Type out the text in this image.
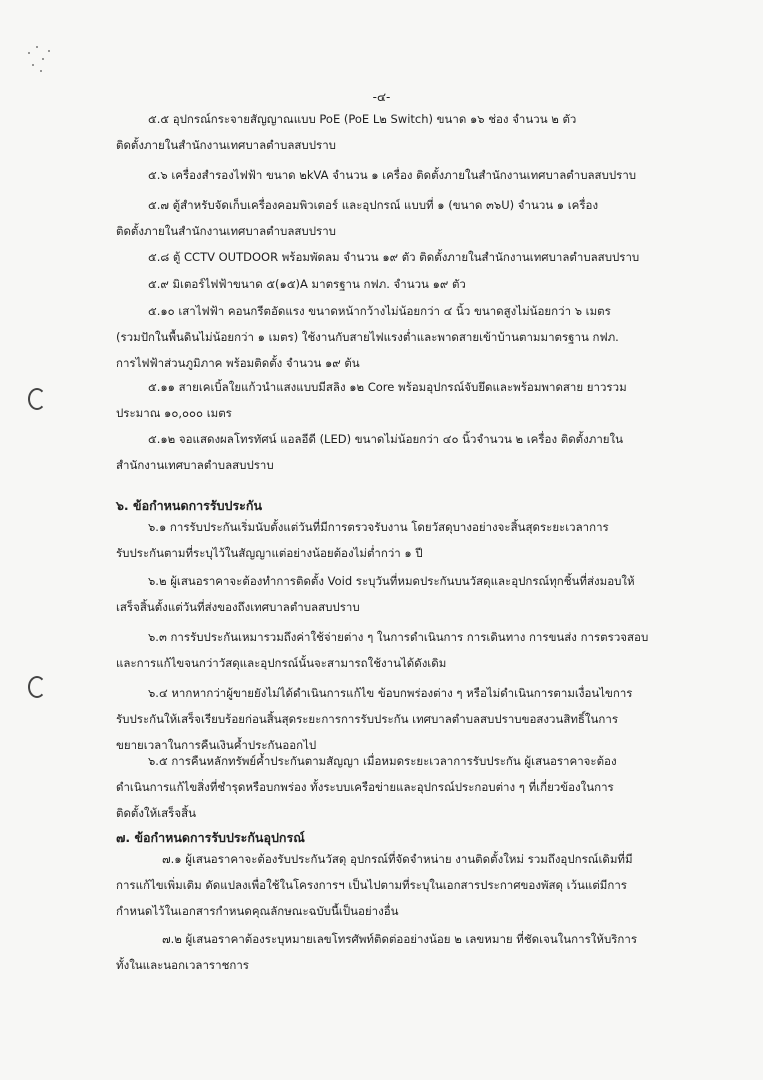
-๔-

๕.๕ อุปกรณ์กระจายสัญญาณแบบ PoE (PoE L๒ Switch) ขนาด ๑๖ ช่อง จำนวน ๒ ตัว
ติดตั้งภายในสำนักงานเทศบาลตำบลสบปราบ

๕.๖ เครื่องสำรองไฟฟ้า ขนาด ๒kVA จำนวน ๑ เครื่อง ติดตั้งภายในสำนักงานเทศบาลตำบลสบปราบ

๕.๗ ตู้สำหรับจัดเก็บเครื่องคอมพิวเตอร์ และอุปกรณ์ แบบที่ ๑ (ขนาด ๓๖U) จำนวน ๑ เครื่อง
ติดตั้งภายในสำนักงานเทศบาลตำบลสบปราบ

๕.๘ ตู้ CCTV OUTDOOR พร้อมพัดลม จำนวน ๑๙ ตัว ติดตั้งภายในสำนักงานเทศบาลตำบลสบปราบ

๕.๙ มิเตอร์ไฟฟ้าขนาด ๕(๑๕)A มาตรฐาน กฟภ. จำนวน ๑๙ ตัว

๕.๑๐ เสาไฟฟ้า คอนกรีตอัดแรง ขนาดหน้ากว้างไม่น้อยกว่า ๔ นิ้ว ขนาดสูงไม่น้อยกว่า ๖ เมตร
(รวมปักในพื้นดินไม่น้อยกว่า ๑ เมตร) ใช้งานกับสายไฟแรงต่ำและพาดสายเข้าบ้านตามมาตรฐาน กฟภ.
การไฟฟ้าส่วนภูมิภาค พร้อมติดตั้ง จำนวน ๑๙ ต้น

๕.๑๑ สายเคเบิ้ลใยแก้วนำแสงแบบมีสลิง ๑๒ Core พร้อมอุปกรณ์จับยึดและพร้อมพาดสาย ยาวรวม
ประมาณ ๑๐,๐๐๐ เมตร

๕.๑๒ จอแสดงผลโทรทัศน์ แอลอีดี (LED) ขนาดไม่น้อยกว่า ๔๐ นิ้วจำนวน ๒ เครื่อง ติดตั้งภายใน
สำนักงานเทศบาลตำบลสบปราบ

๖. ข้อกำหนดการรับประกัน

๖.๑ การรับประกันเริ่มนับตั้งแต่วันที่มีการตรวจรับงาน โดยวัสดุบางอย่างจะสิ้นสุดระยะเวลาการ
รับประกันตามที่ระบุไว้ในสัญญาแต่อย่างน้อยต้องไม่ต่ำกว่า ๑ ปี

๖.๒ ผู้เสนอราคาจะต้องทำการติดตั้ง Void ระบุวันที่หมดประกันบนวัสดุและอุปกรณ์ทุกชิ้นที่ส่งมอบให้
เสร็จสิ้นตั้งแต่วันที่ส่งของถึงเทศบาลตำบลสบปราบ

๖.๓ การรับประกันเหมารวมถึงค่าใช้จ่ายต่าง ๆ ในการดำเนินการ การเดินทาง การขนส่ง การตรวจสอบ
และการแก้ไขจนกว่าวัสดุและอุปกรณ์นั้นจะสามารถใช้งานได้ดังเดิม

๖.๔ หากหากว่าผู้ขายยังไม่ได้ดำเนินการแก้ไข ข้อบกพร่องต่าง ๆ หรือไม่ดำเนินการตามเงื่อนไขการ
รับประกันให้เสร็จเรียบร้อยก่อนสิ้นสุดระยะการการรับประกัน เทศบาลตำบลสบปราบขอสงวนสิทธิ์ในการ
ขยายเวลาในการคืนเงินค้ำประกันออกไป

๖.๕ การคืนหลักทรัพย์ค้ำประกันตามสัญญา เมื่อหมดระยะเวลาการรับประกัน ผู้เสนอราคาจะต้อง
ดำเนินการแก้ไขสิ่งที่ชำรุดหรือบกพร่อง ทั้งระบบเครือข่ายและอุปกรณ์ประกอบต่าง ๆ ที่เกี่ยวข้องในการ
ติดตั้งให้เสร็จสิ้น

๗. ข้อกำหนดการรับประกันอุปกรณ์

๗.๑ ผู้เสนอราคาจะต้องรับประกันวัสดุ อุปกรณ์ที่จัดจำหน่าย งานติดตั้งใหม่ รวมถึงอุปกรณ์เดิมที่มี
การแก้ไขเพิ่มเติม ดัดแปลงเพื่อใช้ในโครงการฯ เป็นไปตามที่ระบุในเอกสารประกาศของพัสดุ เว้นแต่มีการ
กำหนดไว้ในเอกสารกำหนดคุณลักษณะฉบับนี้เป็นอย่างอื่น

๗.๒ ผู้เสนอราคาต้องระบุหมายเลขโทรศัพท์ติดต่ออย่างน้อย ๒ เลขหมาย ที่ชัดเจนในการให้บริการ
ทั้งในและนอกเวลาราชการ
